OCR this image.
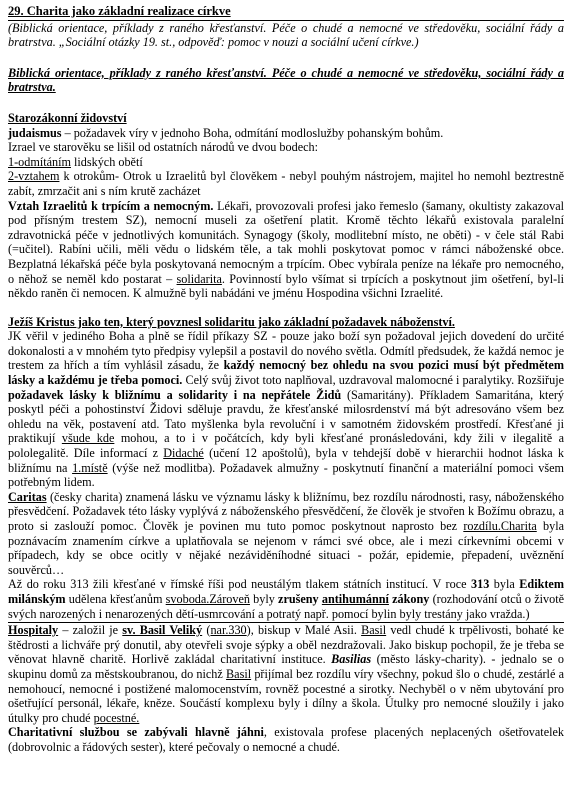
29. Charita jako základní realizace církve

(Biblická orientace, příklady z raného křesťanství. Péče o chudé a nemocné ve středověku, sociální řády a bratrstva. „Sociální otázky 19. st., odpověď: pomoc v nouzi a sociální učení církve.)

Biblická orientace, příklady z raného křesťanství. Péče o chudé a nemocné ve středověku, sociální řády a bratrstva.

Starozákonní židovství

judaismus – požadavek víry v jednoho Boha, odmítání modloslužby pohanským bohům.

Izrael ve starověku se lišil od ostatních národů ve dvou bodech:

1-odmítáním lidských obětí

2-vztahem k otrokům- Otrok u Izraelitů byl člověkem - nebyl pouhým nástrojem, majitel ho nemohl beztrestně zabít, zmrzačit ani s ním krutě zacházet

Vztah Izraelitů k trpícím a nemocným. Lékaři, provozovali profesi jako řemeslo (šamany, okultisty zakazoval pod přísným trestem SZ), nemocní museli za ošetření platit. Kromě těchto lékařů existovala paralelní zdravotnická péče v jednotlivých komunitách. Synagogy (školy, modlitební místo, ne oběti) - v čele stál Rabi (=učitel). Rabíni učili, měli vědu o lidském těle, a tak mohli poskytovat pomoc v rámci náboženské obce. Bezplatná lékařská péče byla poskytovaná nemocným a trpícím. Obec vybírala peníze na lékaře pro nemocného, o něhož se neměl kdo postarat – solidarita. Povinností bylo všímat si trpících a poskytnout jim ošetření, byl-li někdo raněn či nemocen. K almužně byli nabádáni ve jménu Hospodina všichni Izraelité.

Ježíš Kristus jako ten, který povznesl solidaritu jako základní požadavek náboženství.

JK věřil v jediného Boha a plně se řídil příkazy SZ - pouze jako boží syn požadoval jejich dovedení do určité dokonalosti a v mnohém tyto předpisy vylepšil a postavil do nového světla. Odmítl předsudek, že každá nemoc je trestem za hřích a tím vyhlásil zásadu, že každý nemocný bez ohledu na svou pozici musí být předmětem lásky a každému je třeba pomoci. Celý svůj život toto naplňoval, uzdravoval malomocné i paralytiky. Rozšiřuje požadavek lásky k bližnímu a solidarity i na nepřátele Židů (Samaritány). Příkladem Samaritána, který poskytl péči a pohostinství Židovi sděluje pravdu, že křesťanské milosrdenství má být adresováno všem bez ohledu na věk, postavení atd. Tato myšlenka byla revoluční i v samotném židovském prostředí. Křesťané ji praktikují všude kde mohou, a to i v počátcích, kdy byli křesťané pronásledováni, kdy žili v ilegalitě a pololegalitě. Díle informací z Didaché (učení 12 apoštolů), byla v tehdejší době v hierarchii hodnot láska k bližnímu na 1.místě (výše než modlitba). Požadavek almužny - poskytnutí finanční a materiální pomoci všem potřebným lidem.

Caritas (česky charita) znamená lásku ve významu lásky k bližnímu, bez rozdílu národnosti, rasy, náboženského přesvědčení. Požadavek této lásky vyplývá z náboženského přesvědčení, že člověk je stvořen k Božímu obrazu, a proto si zaslouží pomoc. Člověk je povinen mu tuto pomoc poskytnout naprosto bez rozdílu.Charita byla poznávacím znamením církve a uplatňovala se nejenom v rámci své obce, ale i mezi církevními obcemi v případech, kdy se obce ocitly v nějaké nezáviděníhodné situaci - požár, epidemie, přepadení, uvěznění souvěrců…

Až do roku 313 žili křesťané v římské říši pod neustálým tlakem státních institucí. V roce 313 byla Ediktem milánským udělena křesťanům svoboda.Zároveň byly zrušeny antihumánní zákony (rozhodování otců o životě svých narozených i nenarozených dětí-usmrcování a potratý např. pomocí bylin byly trestány jako vražda.)

Hospitaly – založil je sv. Basil Veliký (nar.330), biskup v Malé Asii. Basil vedl chudé k trpělivosti, bohaté ke štědrosti a lichváře prý donutil, aby otevřeli svoje sýpky a oběl nezdražovali. Jako biskup pochopil, že je třeba se věnovat hlavně charitě. Horlivě zakládal charitativní instituce. Basilias (město lásky-charity). - jednalo se o skupinu domů za městskoubranou, do nichž Basil přijímal bez rozdílu víry všechny, pokud šlo o chudé, zestárlé a nemohoucí, nemocné i postižené malomocenstvím, rovněž pocestné a sirotky. Nechyběl o v něm ubytování pro ošetřující personál, lékaře, kněze. Součástí komplexu byly i dílny a škola. Útulky pro nemocné sloužily i jako útulky pro chudé pocestné.

Charitativní službou se zabývali hlavně jáhni, existovala profese placených neplacených ošetřovatelek (dobrovolnic a řádových sester), které pečovaly o nemocné a chudé.
